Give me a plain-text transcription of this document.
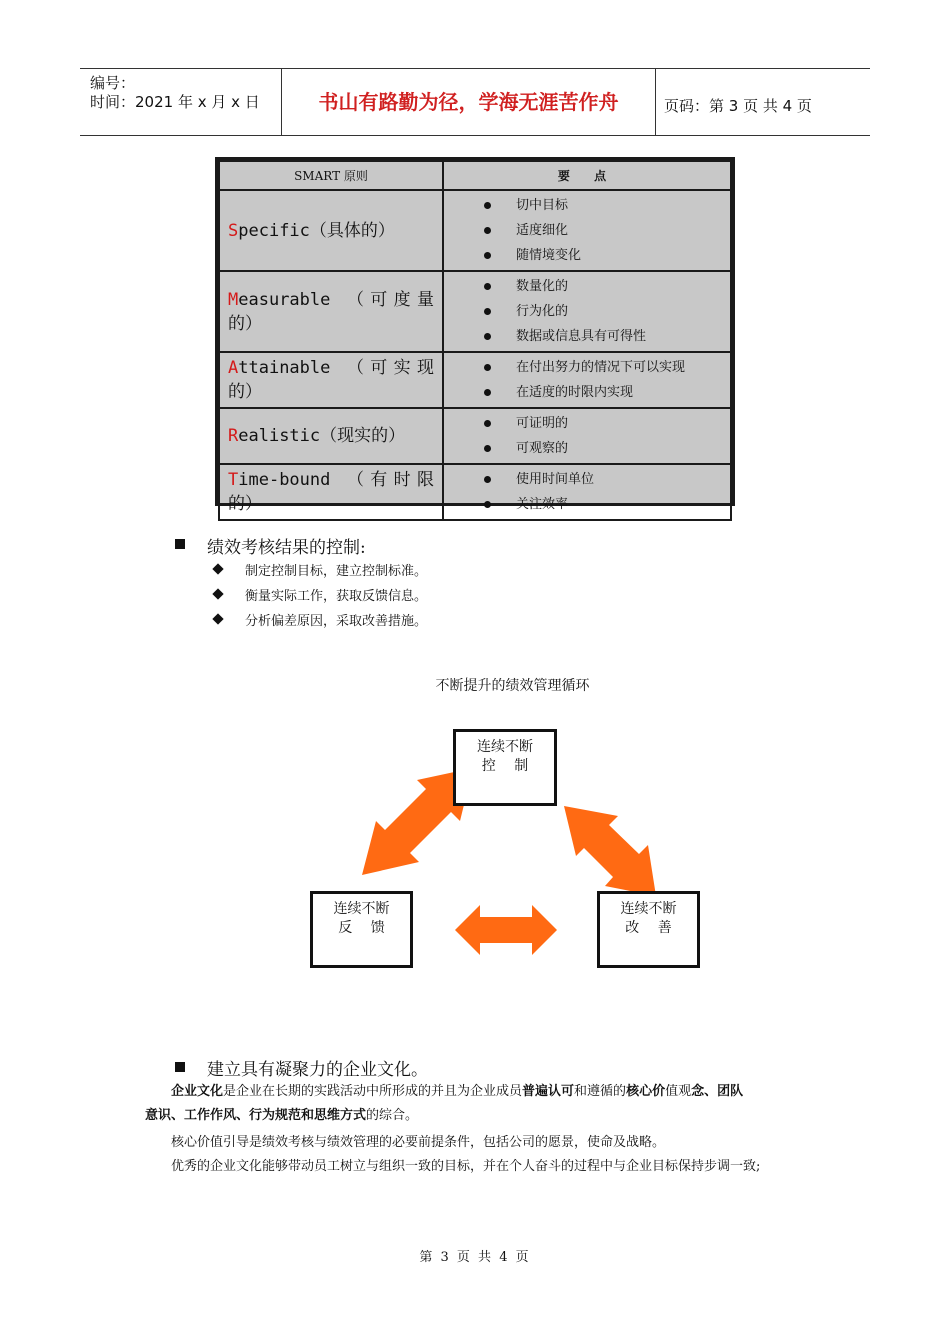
编号：
时间：2021 年 x 月 x 日	书山有路勤为径，学海无涯苦作舟	页码：第 3 页 共 4 页
SMART 原则	要 点
Specific（具体的）	切中目标
适度细化
随情境变化

Measurable （可度量的）	数量化的
行为化的
数据或信息具有可得性

Attainable （可实现的）	在付出努力的情况下可以实现
在适度的时限内实现

Realistic（现实的）	可证明的
可观察的

Time-bound （有时限的）	使用时间单位
关注效率
绩效考核结果的控制:
制定控制目标，建立控制标准。
衡量实际工作，获取反馈信息。
分析偏差原因，采取改善措施。
不断提升的绩效管理循环
连续不断
控　 制
连续不断
反　 馈
连续不断
改　 善
建立具有凝聚力的企业文化。
企业文化是企业在长期的实践活动中所形成的并且为企业成员普遍认可和遵循的核心价值观念、团队
意识、工作作风、行为规范和思维方式的综合。
核心价值引导是绩效考核与绩效管理的必要前提条件，包括公司的愿景，使命及战略。
优秀的企业文化能够带动员工树立与组织一致的目标，并在个人奋斗的过程中与企业目标保持步调一致;
第 3 页 共 4 页
